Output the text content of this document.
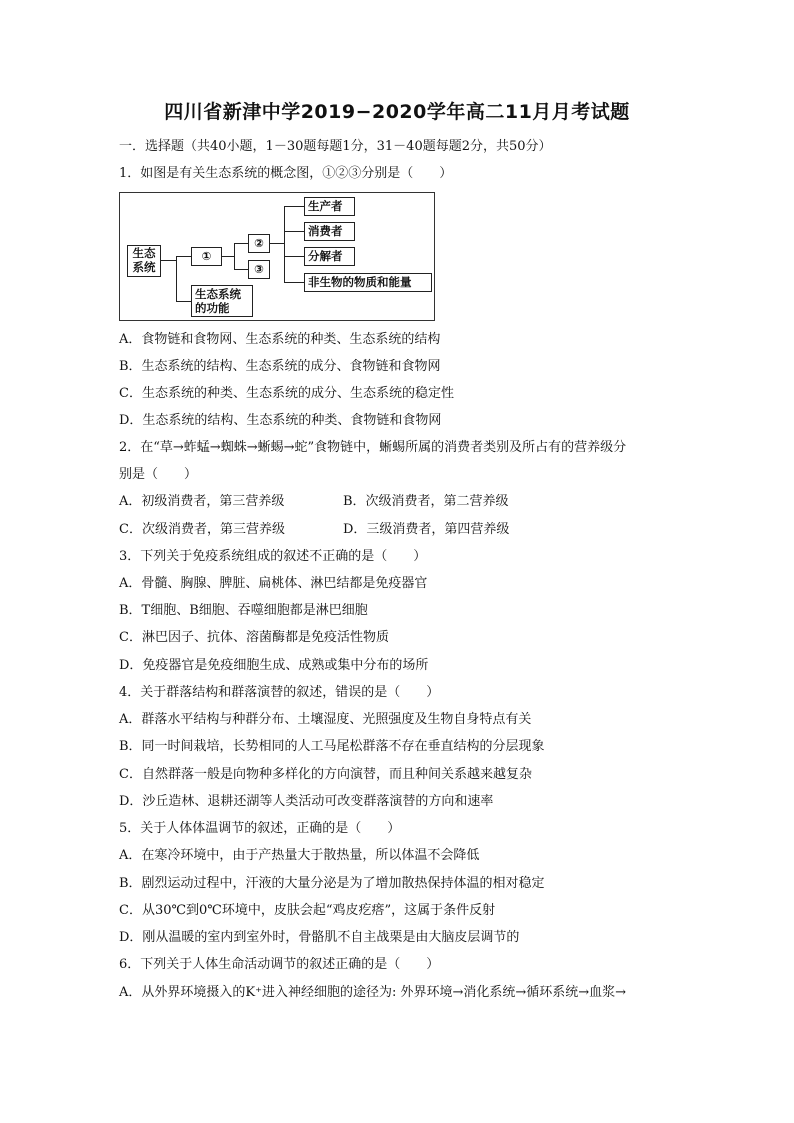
四川省新津中学2019−2020学年高二11月月考试题
一．选择题（共40小题，1－30题每题1分，31－40题每题2分，共50分）
1．如图是有关生态系统的概念图，①②③分别是（　　）
生态
系统
①
②
③
生态系统
的功能
生产者
消费者
分解者
非生物的物质和能量
A．食物链和食物网、生态系统的种类、生态系统的结构
B．生态系统的结构、生态系统的成分、食物链和食物网
C．生态系统的种类、生态系统的成分、生态系统的稳定性
D．生态系统的结构、生态系统的种类、食物链和食物网
2．在“草→蚱蜢→蜘蛛→蜥蜴→蛇”食物链中，蜥蜴所属的消费者类别及所占有的营养级分
别是（　　）
A．初级消费者，第三营养级	B．次级消费者，第二营养级
C．次级消费者，第三营养级	D．三级消费者，第四营养级
3．下列关于免疫系统组成的叙述不正确的是（　　）
A．骨髓、胸腺、脾脏、扁桃体、淋巴结都是免疫器官
B．T细胞、B细胞、吞噬细胞都是淋巴细胞
C．淋巴因子、抗体、溶菌酶都是免疫活性物质
D．免疫器官是免疫细胞生成、成熟或集中分布的场所
4．关于群落结构和群落演替的叙述，错误的是（　　）
A．群落水平结构与种群分布、土壤湿度、光照强度及生物自身特点有关
B．同一时间栽培，长势相同的人工马尾松群落不存在垂直结构的分层现象
C．自然群落一般是向物种多样化的方向演替，而且种间关系越来越复杂
D．沙丘造林、退耕还湖等人类活动可改变群落演替的方向和速率
5．关于人体体温调节的叙述，正确的是（　　）
A．在寒冷环境中，由于产热量大于散热量，所以体温不会降低
B．剧烈运动过程中，汗液的大量分泌是为了增加散热保持体温的相对稳定
C．从30℃到0℃环境中，皮肤会起“鸡皮疙瘩”，这属于条件反射
D．刚从温暖的室内到室外时，骨骼肌不自主战栗是由大脑皮层调节的
6．下列关于人体生命活动调节的叙述正确的是（　　）
A．从外界环境摄入的K⁺进入神经细胞的途径为: 外界环境→消化系统→循环系统→血浆→
